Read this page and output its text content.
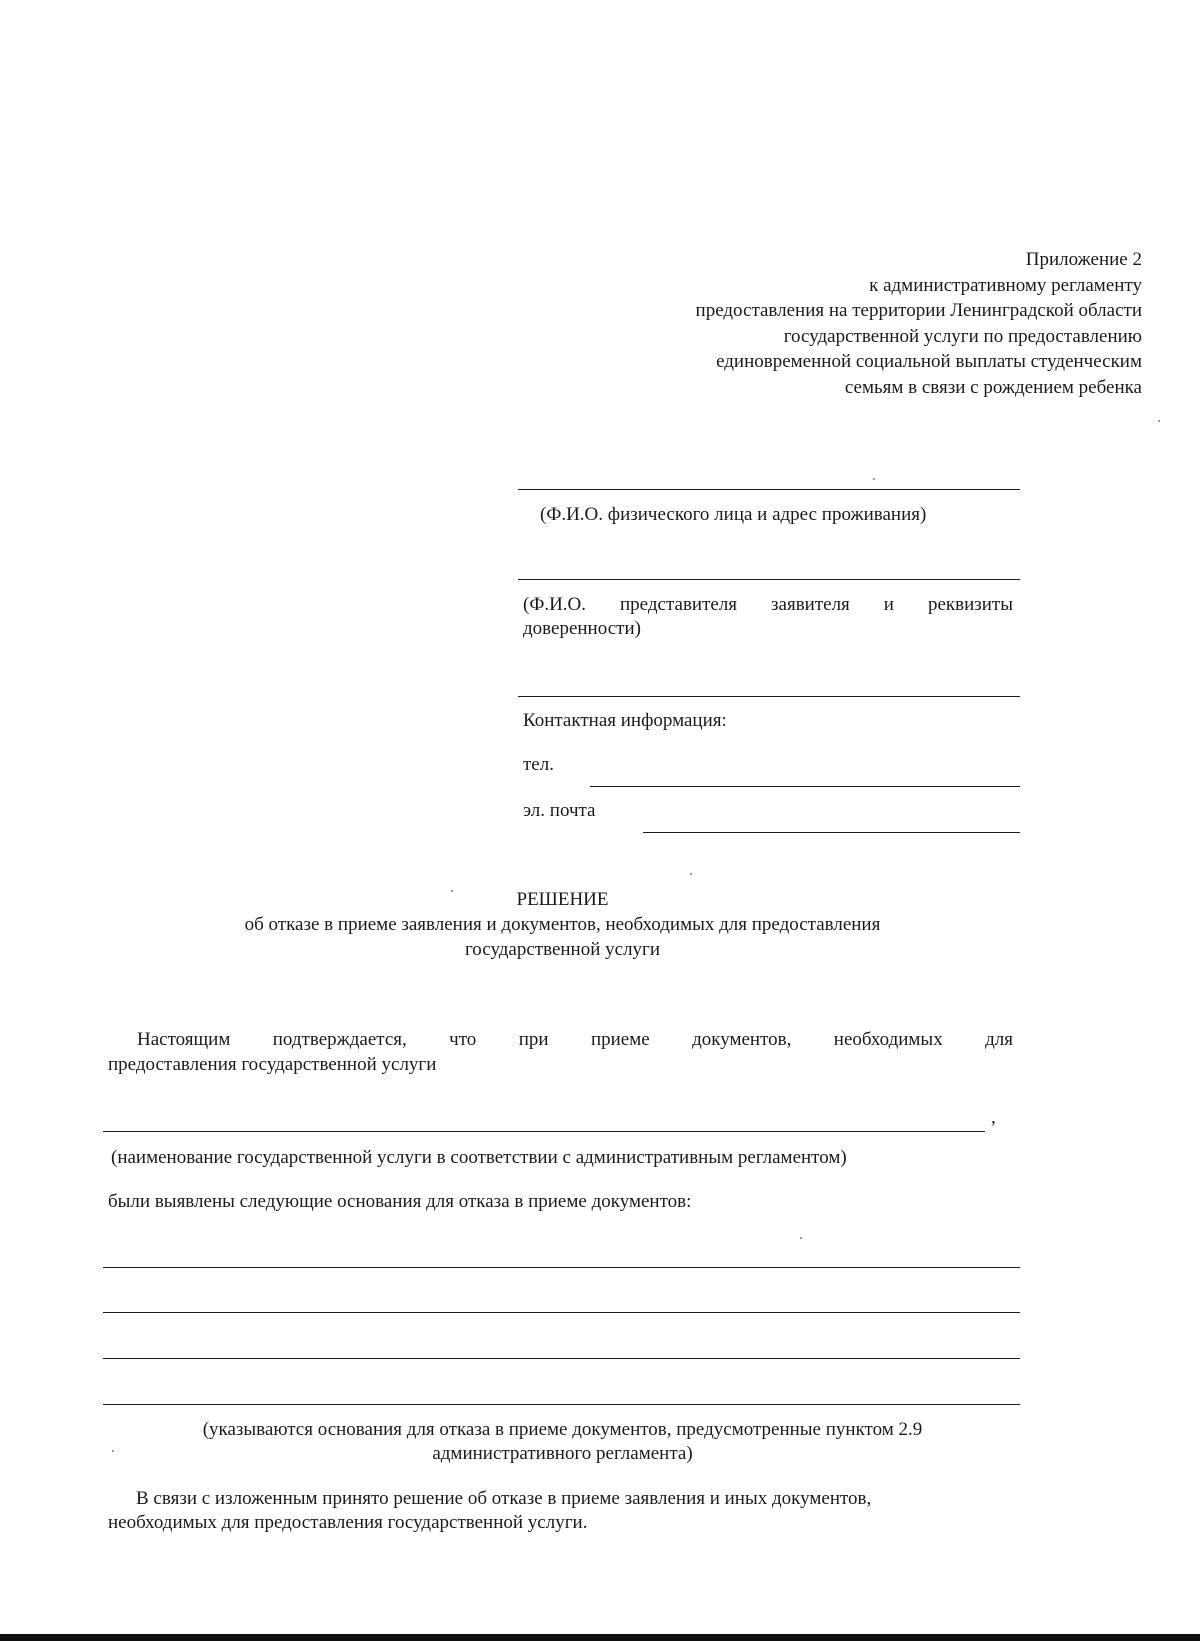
Приложение 2
к административному регламенту
предоставления на территории Ленинградской области
государственной услуги по предоставлению
единовременной социальной выплаты студенческим
семьям в связи с рождением ребенка
(Ф.И.О. физического лица и адрес проживания)
(Ф.И.О. представителя заявителя и реквизиты
доверенности)
Контактная информация:
тел.
эл. почта
РЕШЕНИЕ
об отказе в приеме заявления и документов, необходимых для предоставления
государственной услуги
Настоящим подтверждается, что при приеме документов, необходимых для
предоставления государственной услуги
,
(наименование государственной услуги в соответствии с административным регламентом)
были выявлены следующие основания для отказа в приеме документов:
(указываются основания для отказа в приеме документов, предусмотренные пунктом 2.9
административного регламента)
В связи с изложенным принято решение об отказе в приеме заявления и иных документов,
необходимых для предоставления государственной услуги.
